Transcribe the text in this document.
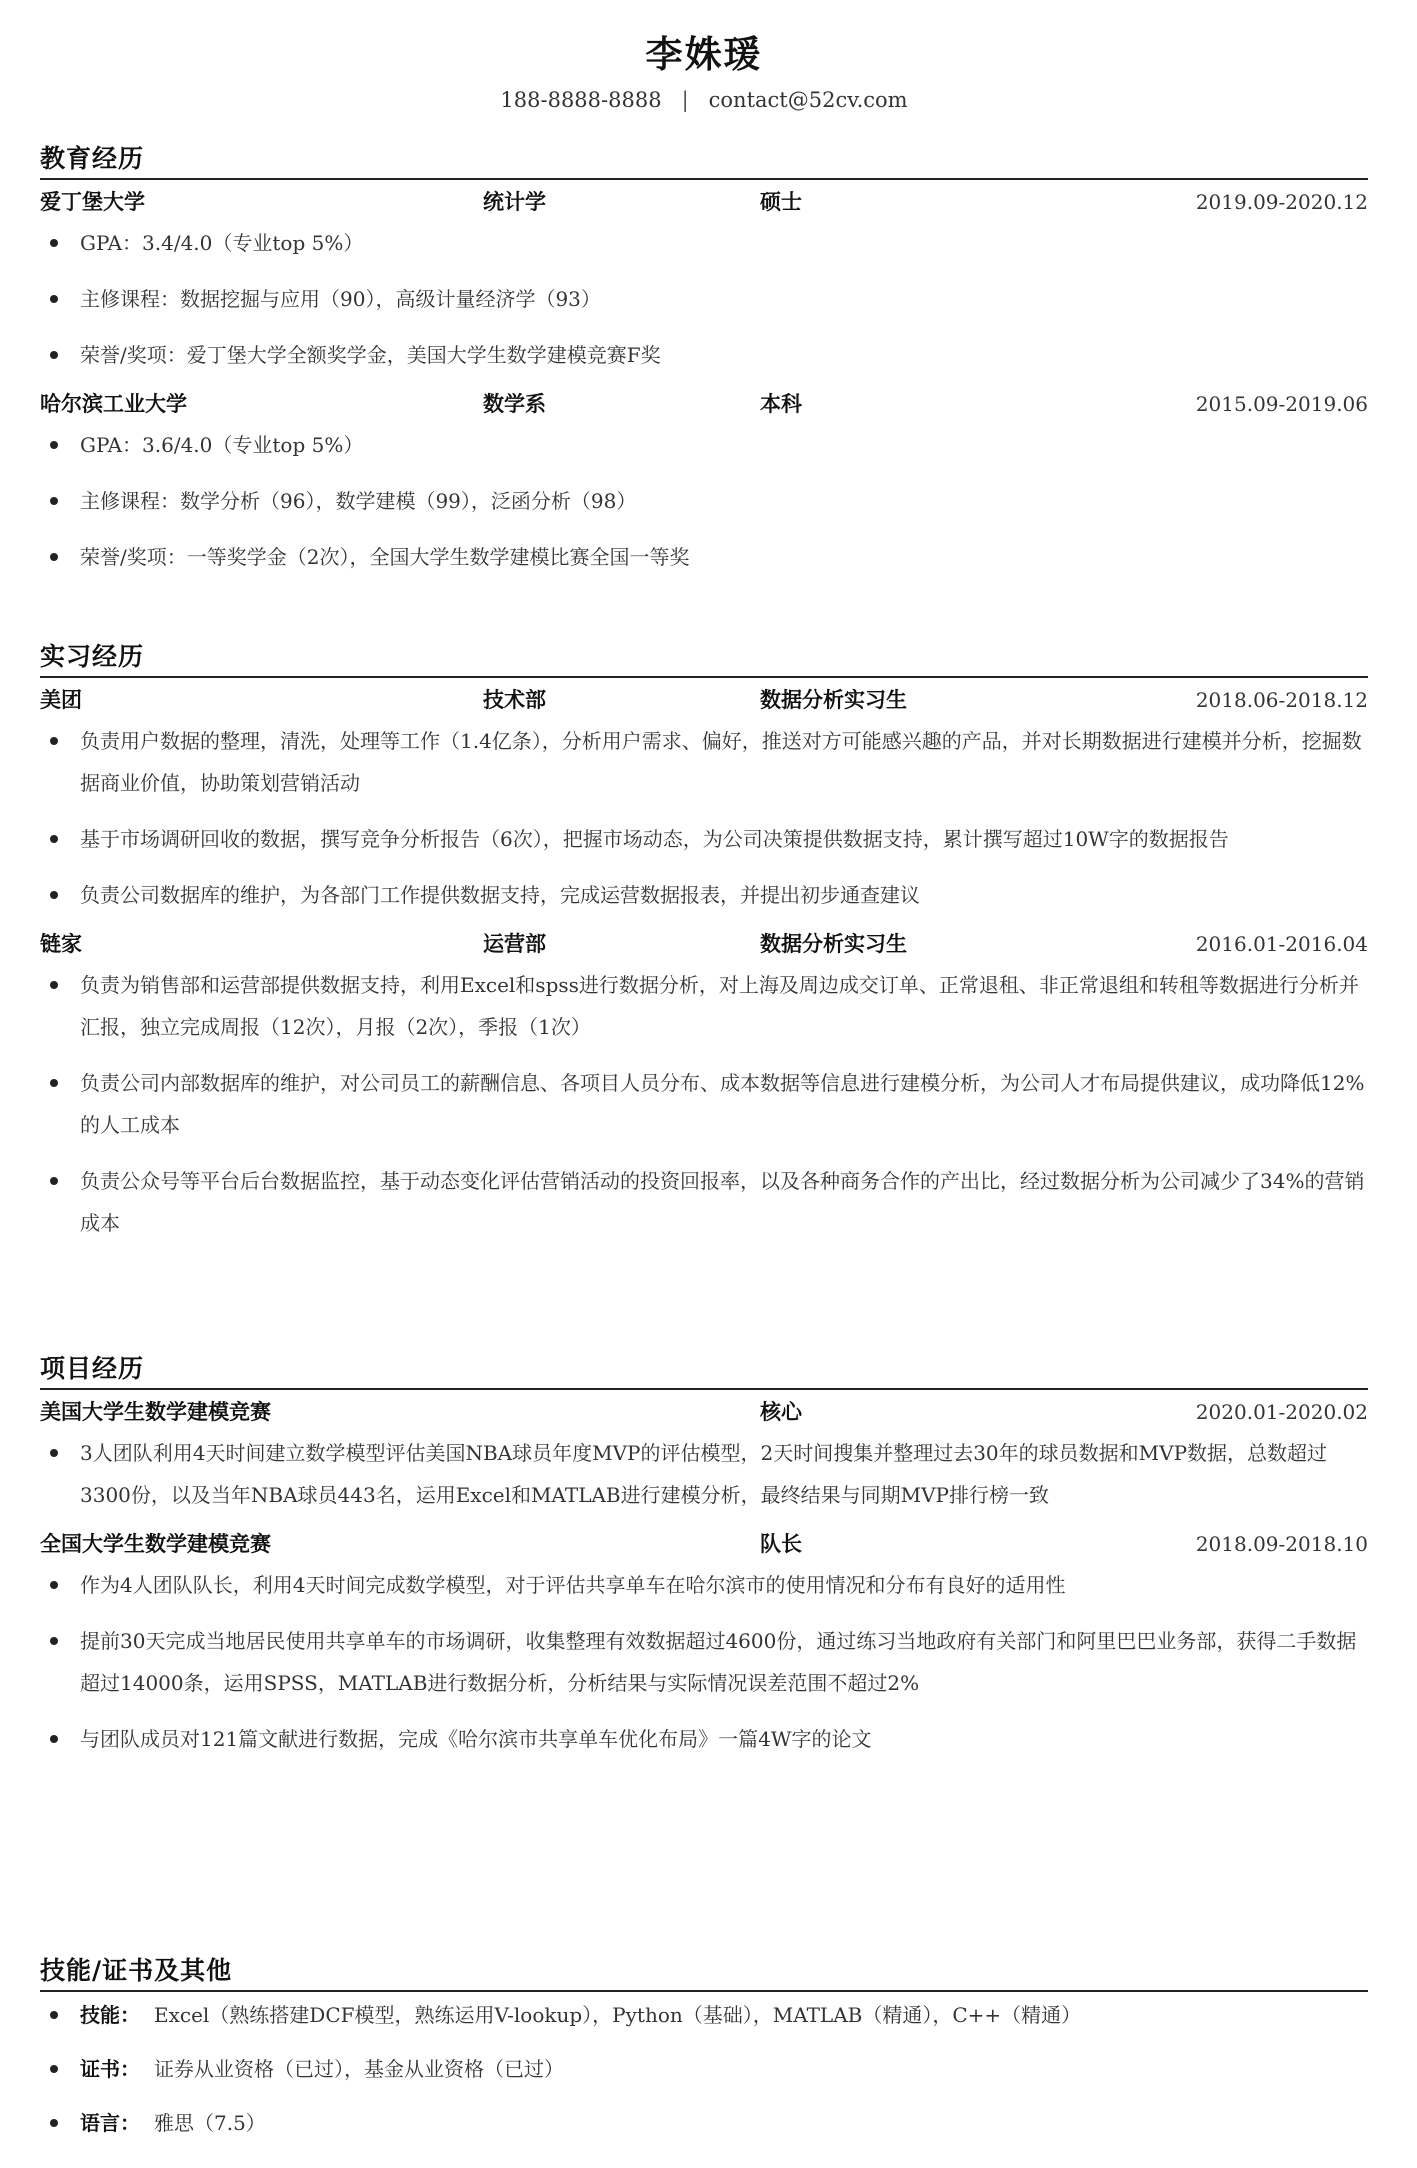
李姝瑗
188-8888-8888 | contact@52cv.com
教育经历
爱丁堡大学	统计学	硕士	2019.09-2020.12
GPA：3.4/4.0（专业top 5%）
主修课程：数据挖掘与应用（90），高级计量经济学（93）
荣誉/奖项：爱丁堡大学全额奖学金，美国大学生数学建模竞赛F奖
哈尔滨工业大学	数学系	本科	2015.09-2019.06
GPA：3.6/4.0（专业top 5%）
主修课程：数学分析（96），数学建模（99），泛函分析（98）
荣誉/奖项：一等奖学金（2次），全国大学生数学建模比赛全国一等奖
实习经历
美团	技术部	数据分析实习生	2018.06-2018.12
负责用户数据的整理，清洗，处理等工作（1.4亿条），分析用户需求、偏好，推送对方可能感兴趣的产品，并对长期数据进行建模并分析，挖掘数据商业价值，协助策划营销活动
基于市场调研回收的数据，撰写竞争分析报告（6次），把握市场动态，为公司决策提供数据支持，累计撰写超过10W字的数据报告
负责公司数据库的维护，为各部门工作提供数据支持，完成运营数据报表，并提出初步通查建议
链家	运营部	数据分析实习生	2016.01-2016.04
负责为销售部和运营部提供数据支持，利用Excel和spss进行数据分析，对上海及周边成交订单、正常退租、非正常退组和转租等数据进行分析并汇报，独立完成周报（12次），月报（2次），季报（1次）
负责公司内部数据库的维护，对公司员工的薪酬信息、各项目人员分布、成本数据等信息进行建模分析，为公司人才布局提供建议，成功降低12%的人工成本
负责公众号等平台后台数据监控，基于动态变化评估营销活动的投资回报率，以及各种商务合作的产出比，经过数据分析为公司减少了34%的营销成本
项目经历
美国大学生数学建模竞赛	核心	2020.01-2020.02
3人团队利用4天时间建立数学模型评估美国NBA球员年度MVP的评估模型，2天时间搜集并整理过去30年的球员数据和MVP数据，总数超过3300份，以及当年NBA球员443名，运用Excel和MATLAB进行建模分析，最终结果与同期MVP排行榜一致
全国大学生数学建模竞赛	队长	2018.09-2018.10
作为4人团队队长，利用4天时间完成数学模型，对于评估共享单车在哈尔滨市的使用情况和分布有良好的适用性
提前30天完成当地居民使用共享单车的市场调研，收集整理有效数据超过4600份，通过练习当地政府有关部门和阿里巴巴业务部，获得二手数据超过14000条，运用SPSS，MATLAB进行数据分析，分析结果与实际情况误差范围不超过2%
与团队成员对121篇文献进行数据，完成《哈尔滨市共享单车优化布局》一篇4W字的论文
技能/证书及其他
技能： Excel（熟练搭建DCF模型，熟练运用V-lookup），Python（基础），MATLAB（精通），C++（精通）
证书： 证券从业资格（已过），基金从业资格（已过）
语言： 雅思（7.5）
